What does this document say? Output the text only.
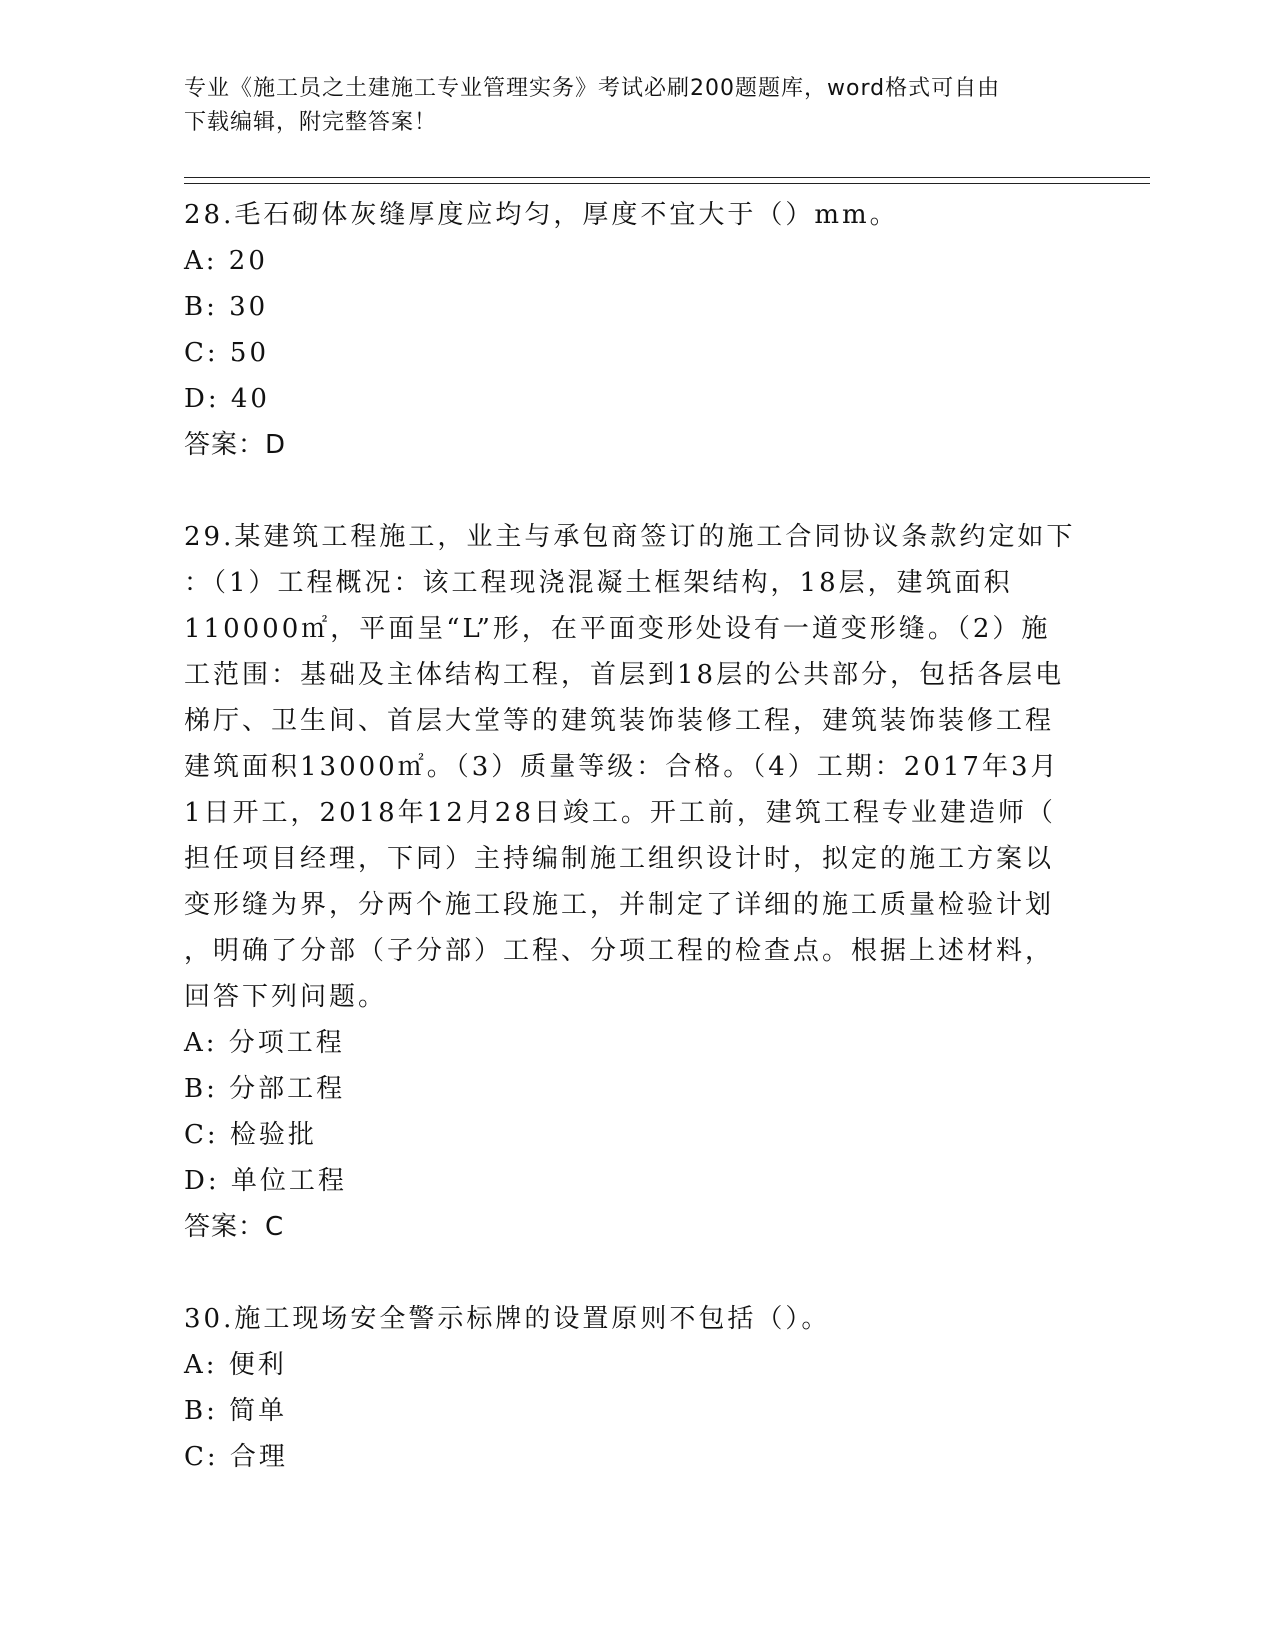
专业《施工员之土建施工专业管理实务》考试必刷200题题库，word格式可自由
下载编辑，附完整答案！
28.毛石砌体灰缝厚度应均匀，厚度不宜大于（）mm。
A: 20
B: 30
C: 50
D: 40
答案：D
29.某建筑工程施工，业主与承包商签订的施工合同协议条款约定如下
：（1）工程概况：该工程现浇混凝土框架结构，18层，建筑面积
110000㎡，平面呈“L”形，在平面变形处设有一道变形缝。（2）施
工范围：基础及主体结构工程，首层到18层的公共部分，包括各层电
梯厅、卫生间、首层大堂等的建筑装饰装修工程，建筑装饰装修工程
建筑面积13000㎡。（3）质量等级：合格。（4）工期：2017年3月
1日开工，2018年12月28日竣工。开工前，建筑工程专业建造师（
担任项目经理，下同）主持编制施工组织设计时，拟定的施工方案以
变形缝为界，分两个施工段施工，并制定了详细的施工质量检验计划
，明确了分部（子分部）工程、分项工程的检查点。根据上述材料，
回答下列问题。
A: 分项工程
B: 分部工程
C: 检验批
D: 单位工程
答案：C
30.施工现场安全警示标牌的设置原则不包括（）。
A: 便利
B: 简单
C: 合理
